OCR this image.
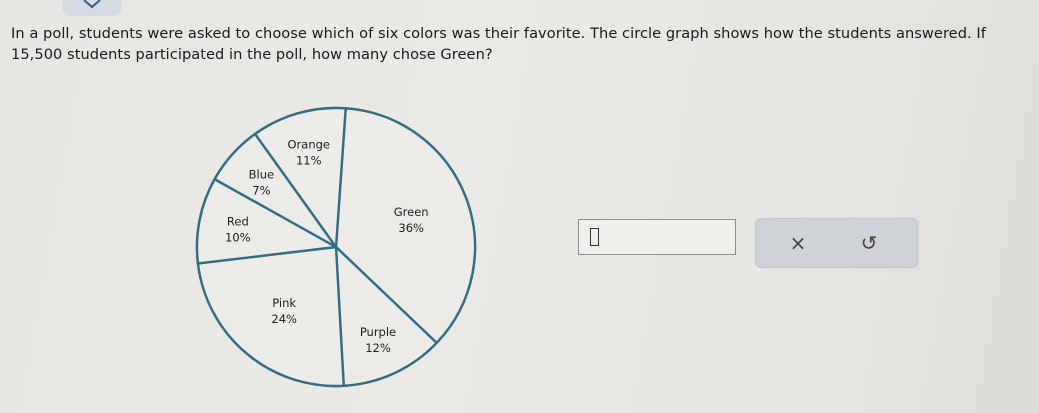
In a poll, students were asked to choose which of six colors was their favorite. The circle graph shows how the students answered. If 15,500 students participated in the poll, how many chose Green?
Green
36%
Purple
12%
Pink
24%
Red
10%
Blue
7%
Orange
11%
×	↺
